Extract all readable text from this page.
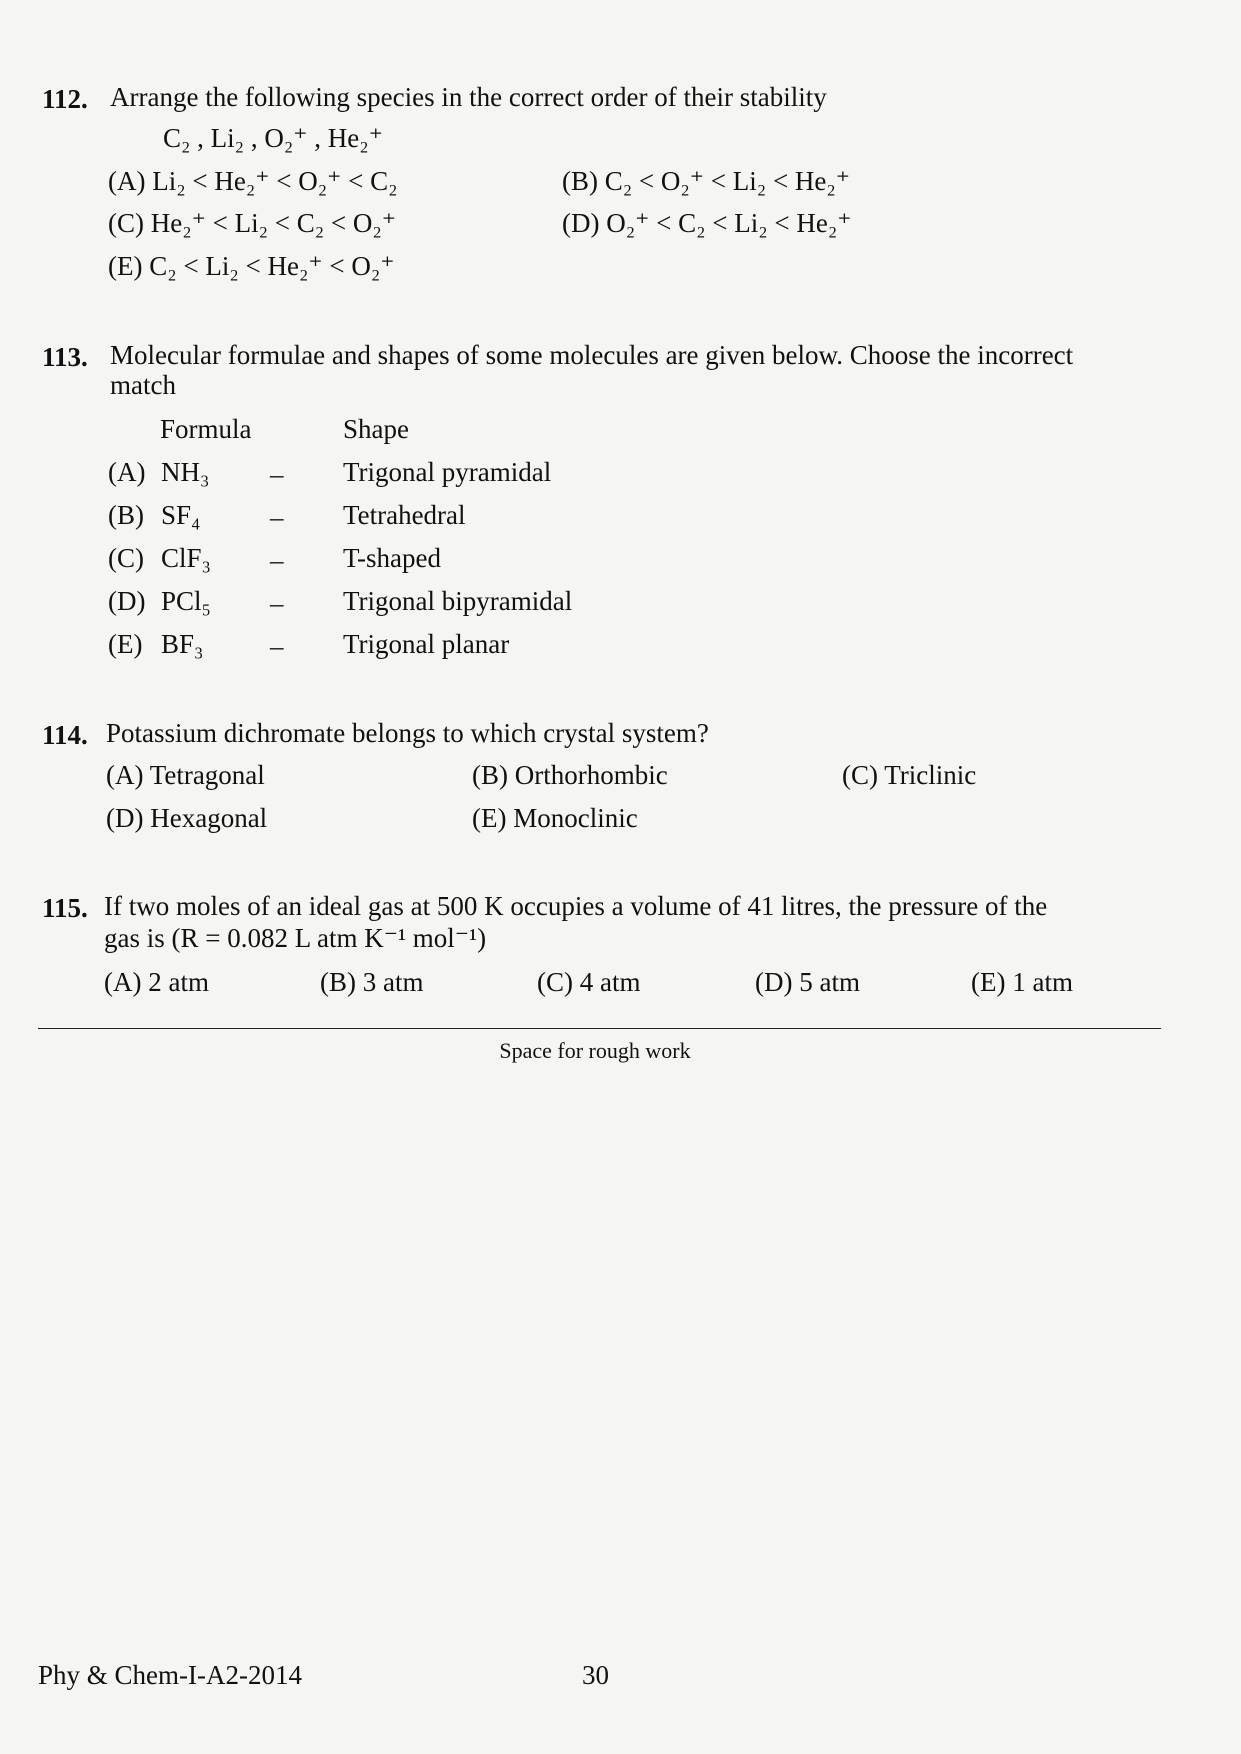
112. Arrange the following species in the correct order of their stability
C₂ , Li₂ , O₂⁺ , He₂⁺
(A) Li₂ < He₂⁺ < O₂⁺ < C₂	(B) C₂ < O₂⁺ < Li₂ < He₂⁺
(C) He₂⁺ < Li₂ < C₂ < O₂⁺	(D) O₂⁺ < C₂ < Li₂ < He₂⁺
(E) C₂ < Li₂ < He₂⁺ < O₂⁺
113. Molecular formulae and shapes of some molecules are given below. Choose the incorrect
match
Formula	Shape
(A) NH₃ – Trigonal pyramidal
(B) SF₄	– Tetrahedral
(C) ClF₃ – T-shaped
(D) PCl₅ – Trigonal bipyramidal
(E) BF₃ – Trigonal planar
114. Potassium dichromate belongs to which crystal system?
(A) Tetragonal	(B) Orthorhombic	(C) Triclinic
(D) Hexagonal	(E) Monoclinic
115. If two moles of an ideal gas at 500 K occupies a volume of 41 litres, the pressure of the
gas is (R = 0.082 L atm K⁻¹ mol⁻¹)
(A) 2 atm	(B) 3 atm	(C) 4 atm	(D) 5 atm	(E) 1 atm
Space for rough work
Phy & Chem-I-A2-2014	30
